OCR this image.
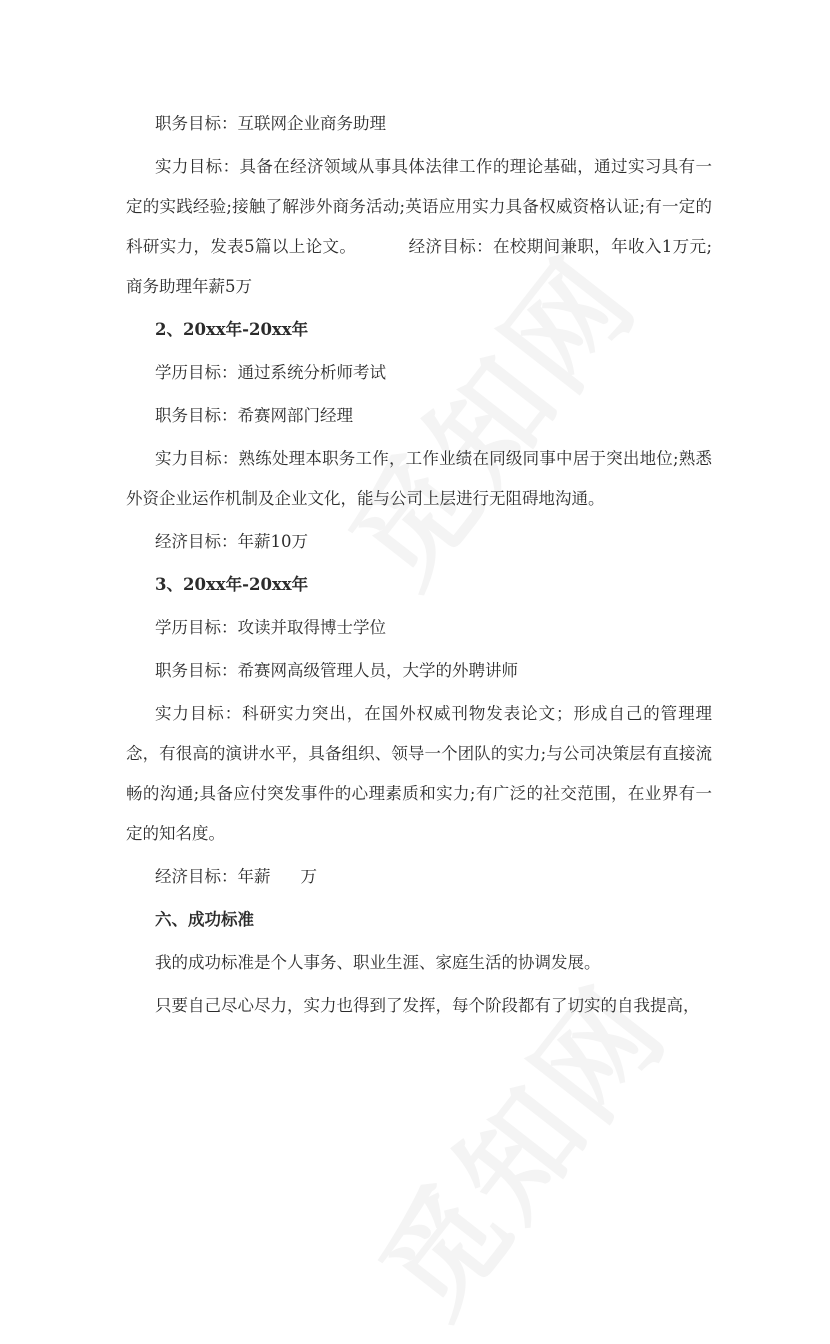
职务目标：互联网企业商务助理

实力目标：具备在经济领域从事具体法律工作的理论基础，通过实习具有一定的实践经验;接触了解涉外商务活动;英语应用实力具备权威资格认证;有一定的科研实力，发表5篇以上论文。	经济目标：在校期间兼职，年收入1万元;商务助理年薪5万

2、20xx年-20xx年

学历目标：通过系统分析师考试

职务目标：希赛网部门经理

实力目标：熟练处理本职务工作，工作业绩在同级同事中居于突出地位;熟悉外资企业运作机制及企业文化，能与公司上层进行无阻碍地沟通。

经济目标：年薪10万

3、20xx年-20xx年

学历目标：攻读并取得博士学位

职务目标：希赛网高级管理人员，大学的外聘讲师

实力目标：科研实力突出，在国外权威刊物发表论文；形成自己的管理理念，有很高的演讲水平，具备组织、领导一个团队的实力;与公司决策层有直接流畅的沟通;具备应付突发事件的心理素质和实力;有广泛的社交范围，在业界有一定的知名度。

经济目标：年薪 万

六、成功标准

我的成功标准是个人事务、职业生涯、家庭生活的协调发展。

只要自己尽心尽力，实力也得到了发挥，每个阶段都有了切实的自我提高，
